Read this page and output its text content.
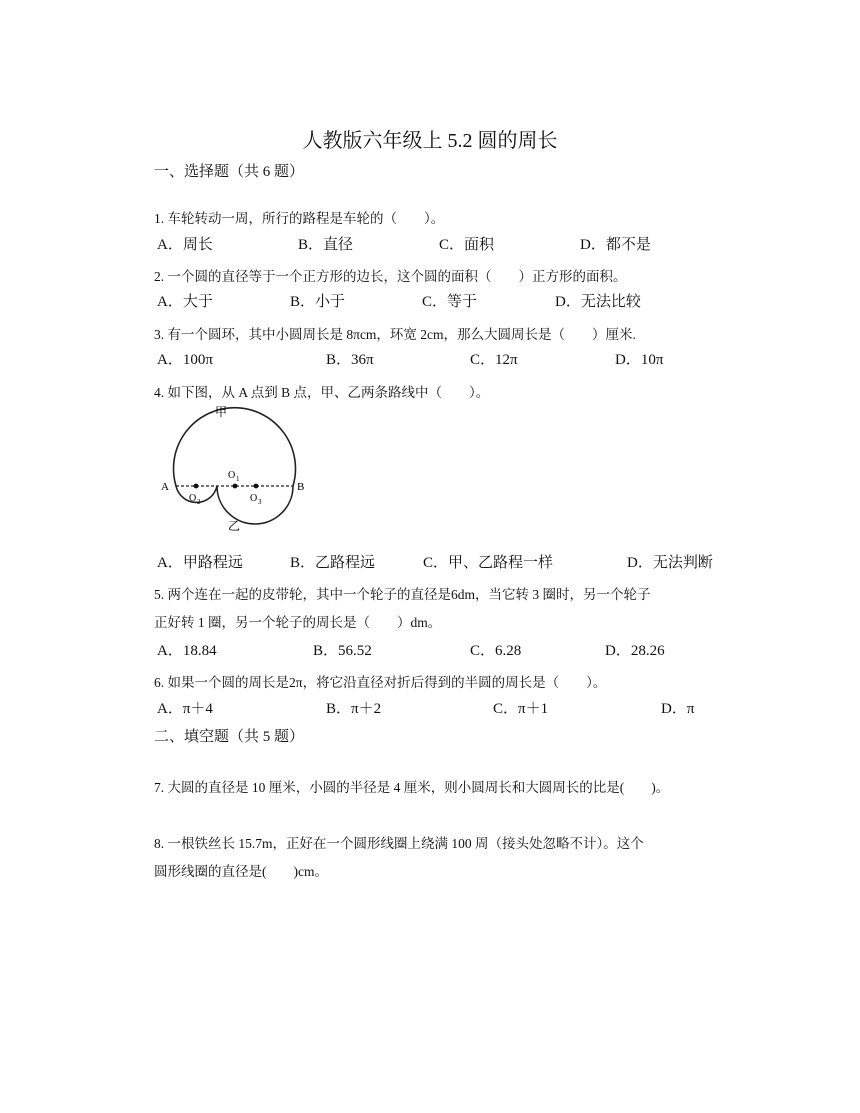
人教版六年级上 5.2 圆的周长
一、选择题（共 6 题）
1. 车轮转动一周，所行的路程是车轮的（　　）。
A．周长	B．直径	C．面积	D．都不是
2. 一个圆的直径等于一个正方形的边长，这个圆的面积（　　）正方形的面积。
A．大于	B．小于	C．等于	D．无法比较
3. 有一个圆环，其中小圆周长是 8πcm，环宽 2cm，那么大圆周长是（　　）厘米.
A．100π	B．36π	C．12π	D．10π
4. 如下图，从 A 点到 B 点，甲、乙两条路线中（　　）。
甲
乙
A	B
O 1
O 2	O 3
A．甲路程远	B．乙路程远	C．甲、乙路程一样	D．无法判断
5. 两个连在一起的皮带轮，其中一个轮子的直径是6dm，当它转 3 圈时，另一个轮子
正好转 1 圈，另一个轮子的周长是（　　）dm。
A．18.84	B．56.52	C．6.28	D．28.26
6. 如果一个圆的周长是2π，将它沿直径对折后得到的半圆的周长是（　　）。
A．π＋4	B．π＋2	C．π＋1	D．π
二、填空题（共 5 题）
7. 大圆的直径是 10 厘米，小圆的半径是 4 厘米，则小圆周长和大圆周长的比是(　　)。
8. 一根铁丝长 15.7m，正好在一个圆形线圈上绕满 100 周（接头处忽略不计）。这个
圆形线圈的直径是(　　)cm。
